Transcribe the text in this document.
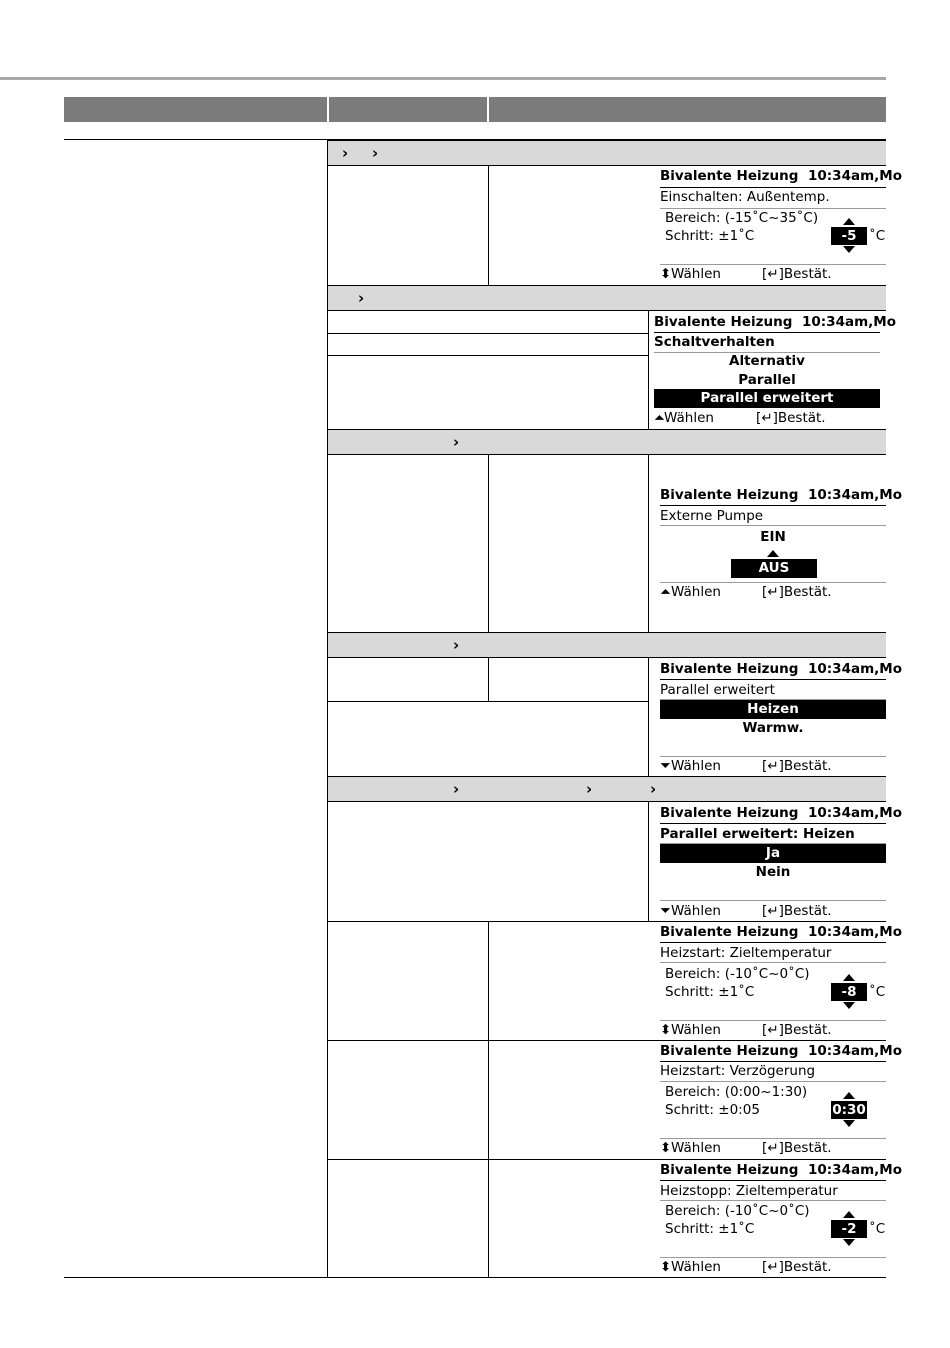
› ›
›
›
›
›	›	›
Bivalente Heizung 10:34am,Mo
Einschalten: Außentemp.
Bereich: (-15˚C~35˚C)
Schritt: ±1˚C	-5 ˚C
⬍ Wählen	[↵]Bestät.
Bivalente Heizung 10:34am,Mo
Schaltverhalten
Alternativ
Parallel
Parallel erweitert
⏶ Wählen	[↵]Bestät.
Bivalente Heizung 10:34am,Mo
Externe Pumpe
EIN
AUS
⏶ Wählen	[↵]Bestät.
Bivalente Heizung 10:34am,Mo
Parallel erweitert
Heizen
Warmw.
⏷ Wählen	[↵]Bestät.
Bivalente Heizung 10:34am,Mo
Parallel erweitert: Heizen
Ja
Nein
⏷ Wählen	[↵]Bestät.
Bivalente Heizung 10:34am,Mo
Heizstart: Zieltemperatur
Bereich: (-10˚C~0˚C)
Schritt: ±1˚C	-8 ˚C
⬍ Wählen	[↵]Bestät.
Bivalente Heizung 10:34am,Mo
Heizstart: Verzögerung
Bereich: (0:00~1:30)
Schritt: ±0:05	0:30
⬍ Wählen	[↵]Bestät.
Bivalente Heizung 10:34am,Mo
Heizstopp: Zieltemperatur
Bereich: (-10˚C~0˚C)
Schritt: ±1˚C	-2 ˚C
⬍ Wählen	[↵]Bestät.
